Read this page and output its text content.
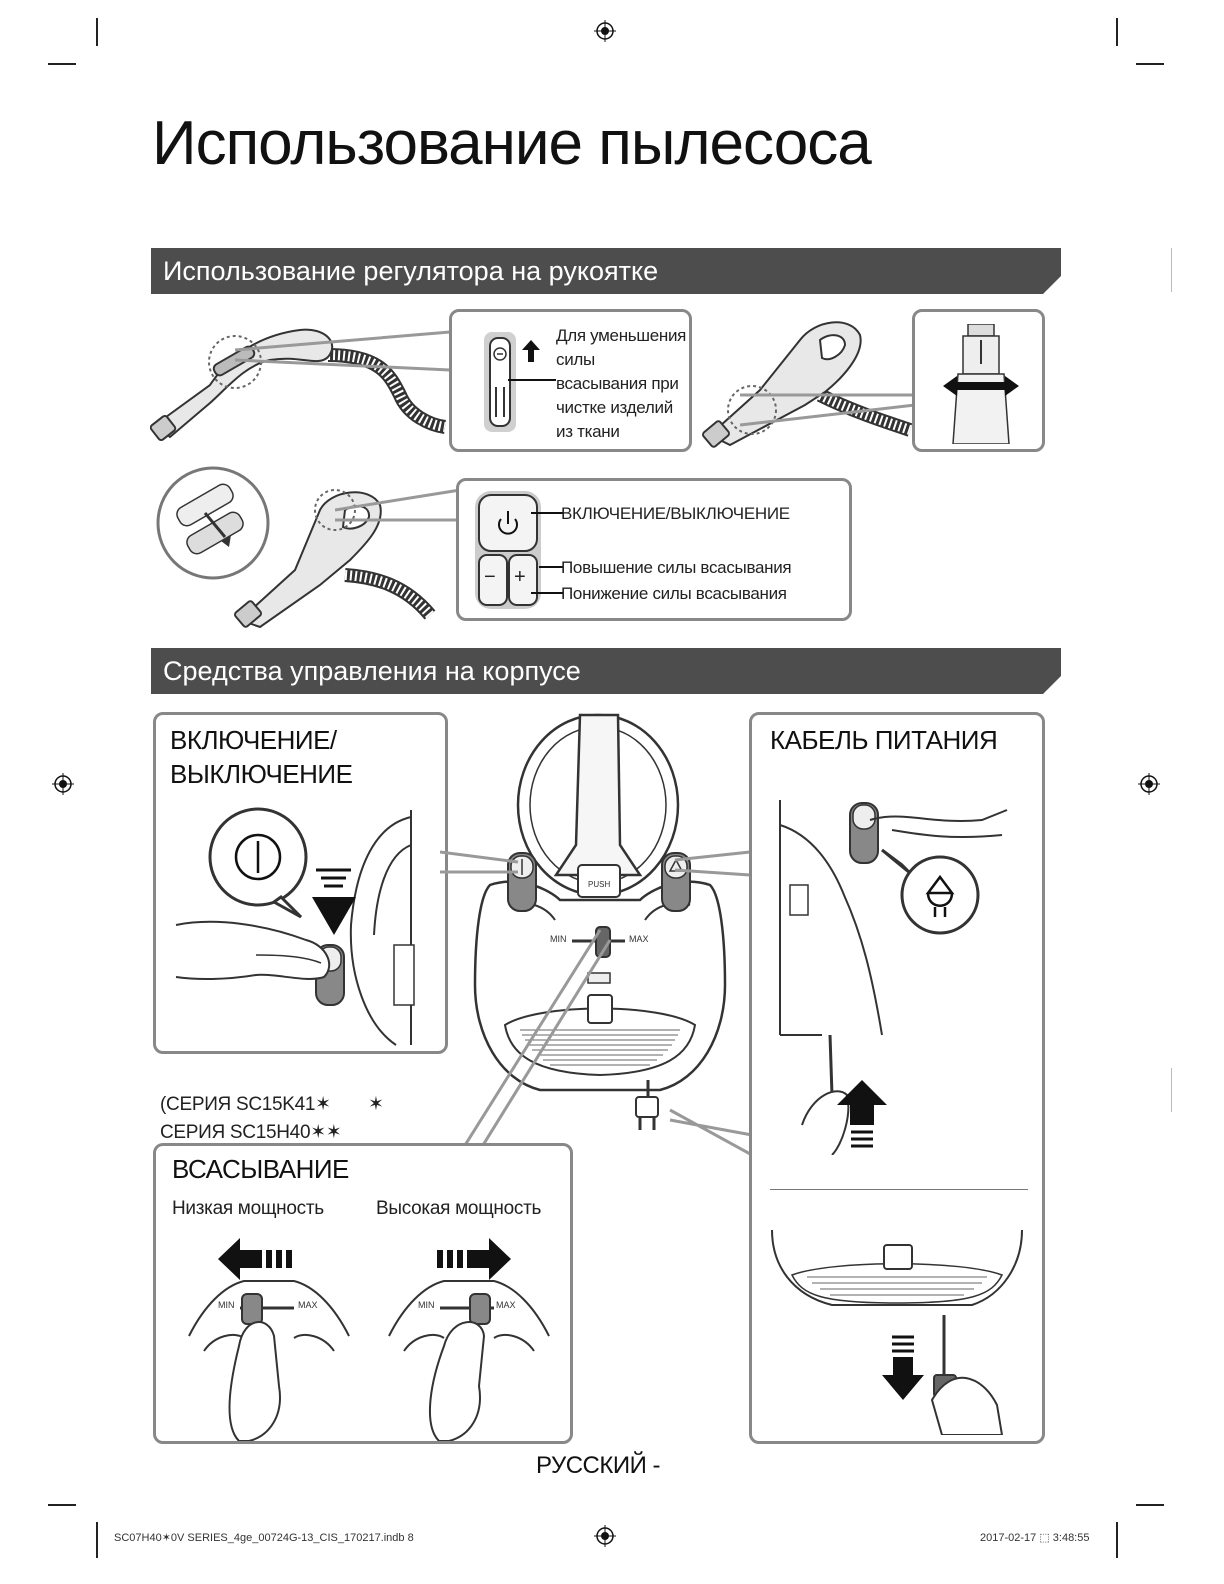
Использование пылесоса
Использование регулятора на рукоятке
Для уменьшения
силы
всасывания при
чистке изделий
из ткани
− +
ВКЛЮЧЕНИЕ/ВЫКЛЮЧЕНИЕ
Повышение силы всасывания
Понижение силы всасывания
Средства управления на корпусе
ВКЛЮЧЕНИЕ/
ВЫКЛЮЧЕНИЕ
MIN	MAX
PUSH
КАБЕЛЬ ПИТАНИЯ
(СЕРИЯ SC15K41✶ ✶
СЕРИЯ SC15H40✶✶
ВСАСЫВАНИЕ
Низкая мощность	Высокая мощность
MIN	MAX	MIN	MAX
РУССКИЙ -
SC07H40✶0V SERIES_4ge_00724G-13_CIS_170217.indb 8	2017-02-17 ⬚ 3:48:55
